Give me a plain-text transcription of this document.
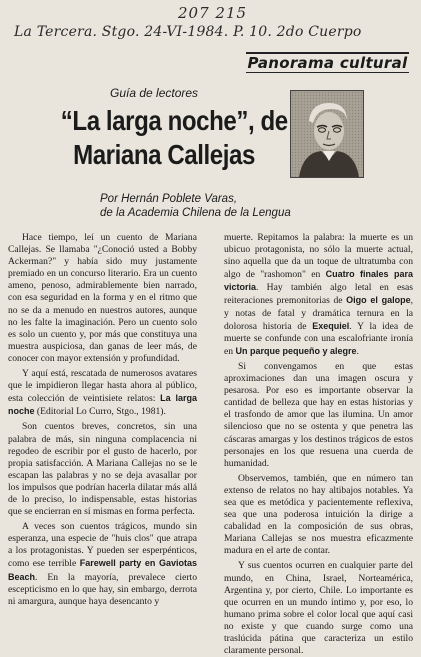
207 215
La Tercera. Stgo. 24-VI-1984. P. 10. 2do Cuerpo
Panorama cultural
Guía de lectores
“La larga noche”, de
Mariana Callejas
Por Hernán Poblete Varas,
de la Academia Chilena de la Lengua

Hace tiempo, leí un cuento de Mariana Callejas. Se llamaba "¿Conoció usted a Bobby Ackerman?" y había sido muy justamente premiado en un concurso literario. Era un cuento ameno, penoso, admirablemente bien narrado, con esa seguridad en la forma y en el ritmo que no se da a menudo en nuestros autores, aunque no les falte la imaginación. Pero un cuento solo es solo un cuento y, por más que constituya una muestra auspiciosa, dan ganas de leer más, de conocer con mayor extensión y profundidad.

Y aquí está, rescatada de numerosos avatares que le impidieron llegar hasta ahora al público, esta colección de veintisiete relatos: La larga noche (Editorial Lo Curro, Stgo., 1981).

Son cuentos breves, concretos, sin una palabra de más, sin ninguna complacencia ni regodeo de escribir por el gusto de hacerlo, por propia satisfacción. A Mariana Callejas no se le escapan las palabras y no se deja avasallar por los impulsos que podrían hacerla dilatar más allá de lo preciso, lo indispensable, estas historias que se encierran en sí mismas en forma perfecta.

A veces son cuentos trágicos, mundo sin esperanza, una especie de "huis clos" que atrapa a los protagonistas. Y pueden ser esperpénticos, como ese terrible Farewell party en Gaviotas Beach. En la mayoría, prevalece cierto escepticismo en lo que hay, sin embargo, derrota ni amargura, aunque haya desencanto y

muerte. Repitamos la palabra: la muerte es un ubicuo protagonista, no sólo la muerte actual, sino aquella que da un toque de ultratumba con algo de "rashomon" en Cuatro finales para victoria. Hay también algo letal en esas reiteraciones premonitorias de Oigo el galope, y notas de fatal y dramática ternura en la dolorosa historia de Exequiel. Y la idea de muerte se confunde con una escalofriante ironía en Un parque pequeño y alegre.

Si convengamos en que estas aproximaciones dan una imagen oscura y pesarosa. Por eso es importante observar la cantidad de belleza que hay en estas historias y el trasfondo de amor que las ilumina. Un amor silencioso que no se ostenta y que penetra las cáscaras amargas y los destinos trágicos de estos personajes en los que resuena una cuerda de humanidad.

Observemos, también, que en número tan extenso de relatos no hay altibajos notables. Ya sea que es metódica y pacientemente reflexiva, sea que una poderosa intuición la dirige a cabalidad en la composición de sus obras, Mariana Callejas se nos muestra eficazmente madura en el arte de contar.

Y sus cuentos ocurren en cualquier parte del mundo, en China, Israel, Norteamérica, Argentina y, por cierto, Chile. Lo importante es que ocurren en un mundo íntimo y, por eso, lo humano prima sobre el color local que aquí casi no existe y que cuando surge como una traslúcida pátina que caracteriza un estilo claramente personal.
